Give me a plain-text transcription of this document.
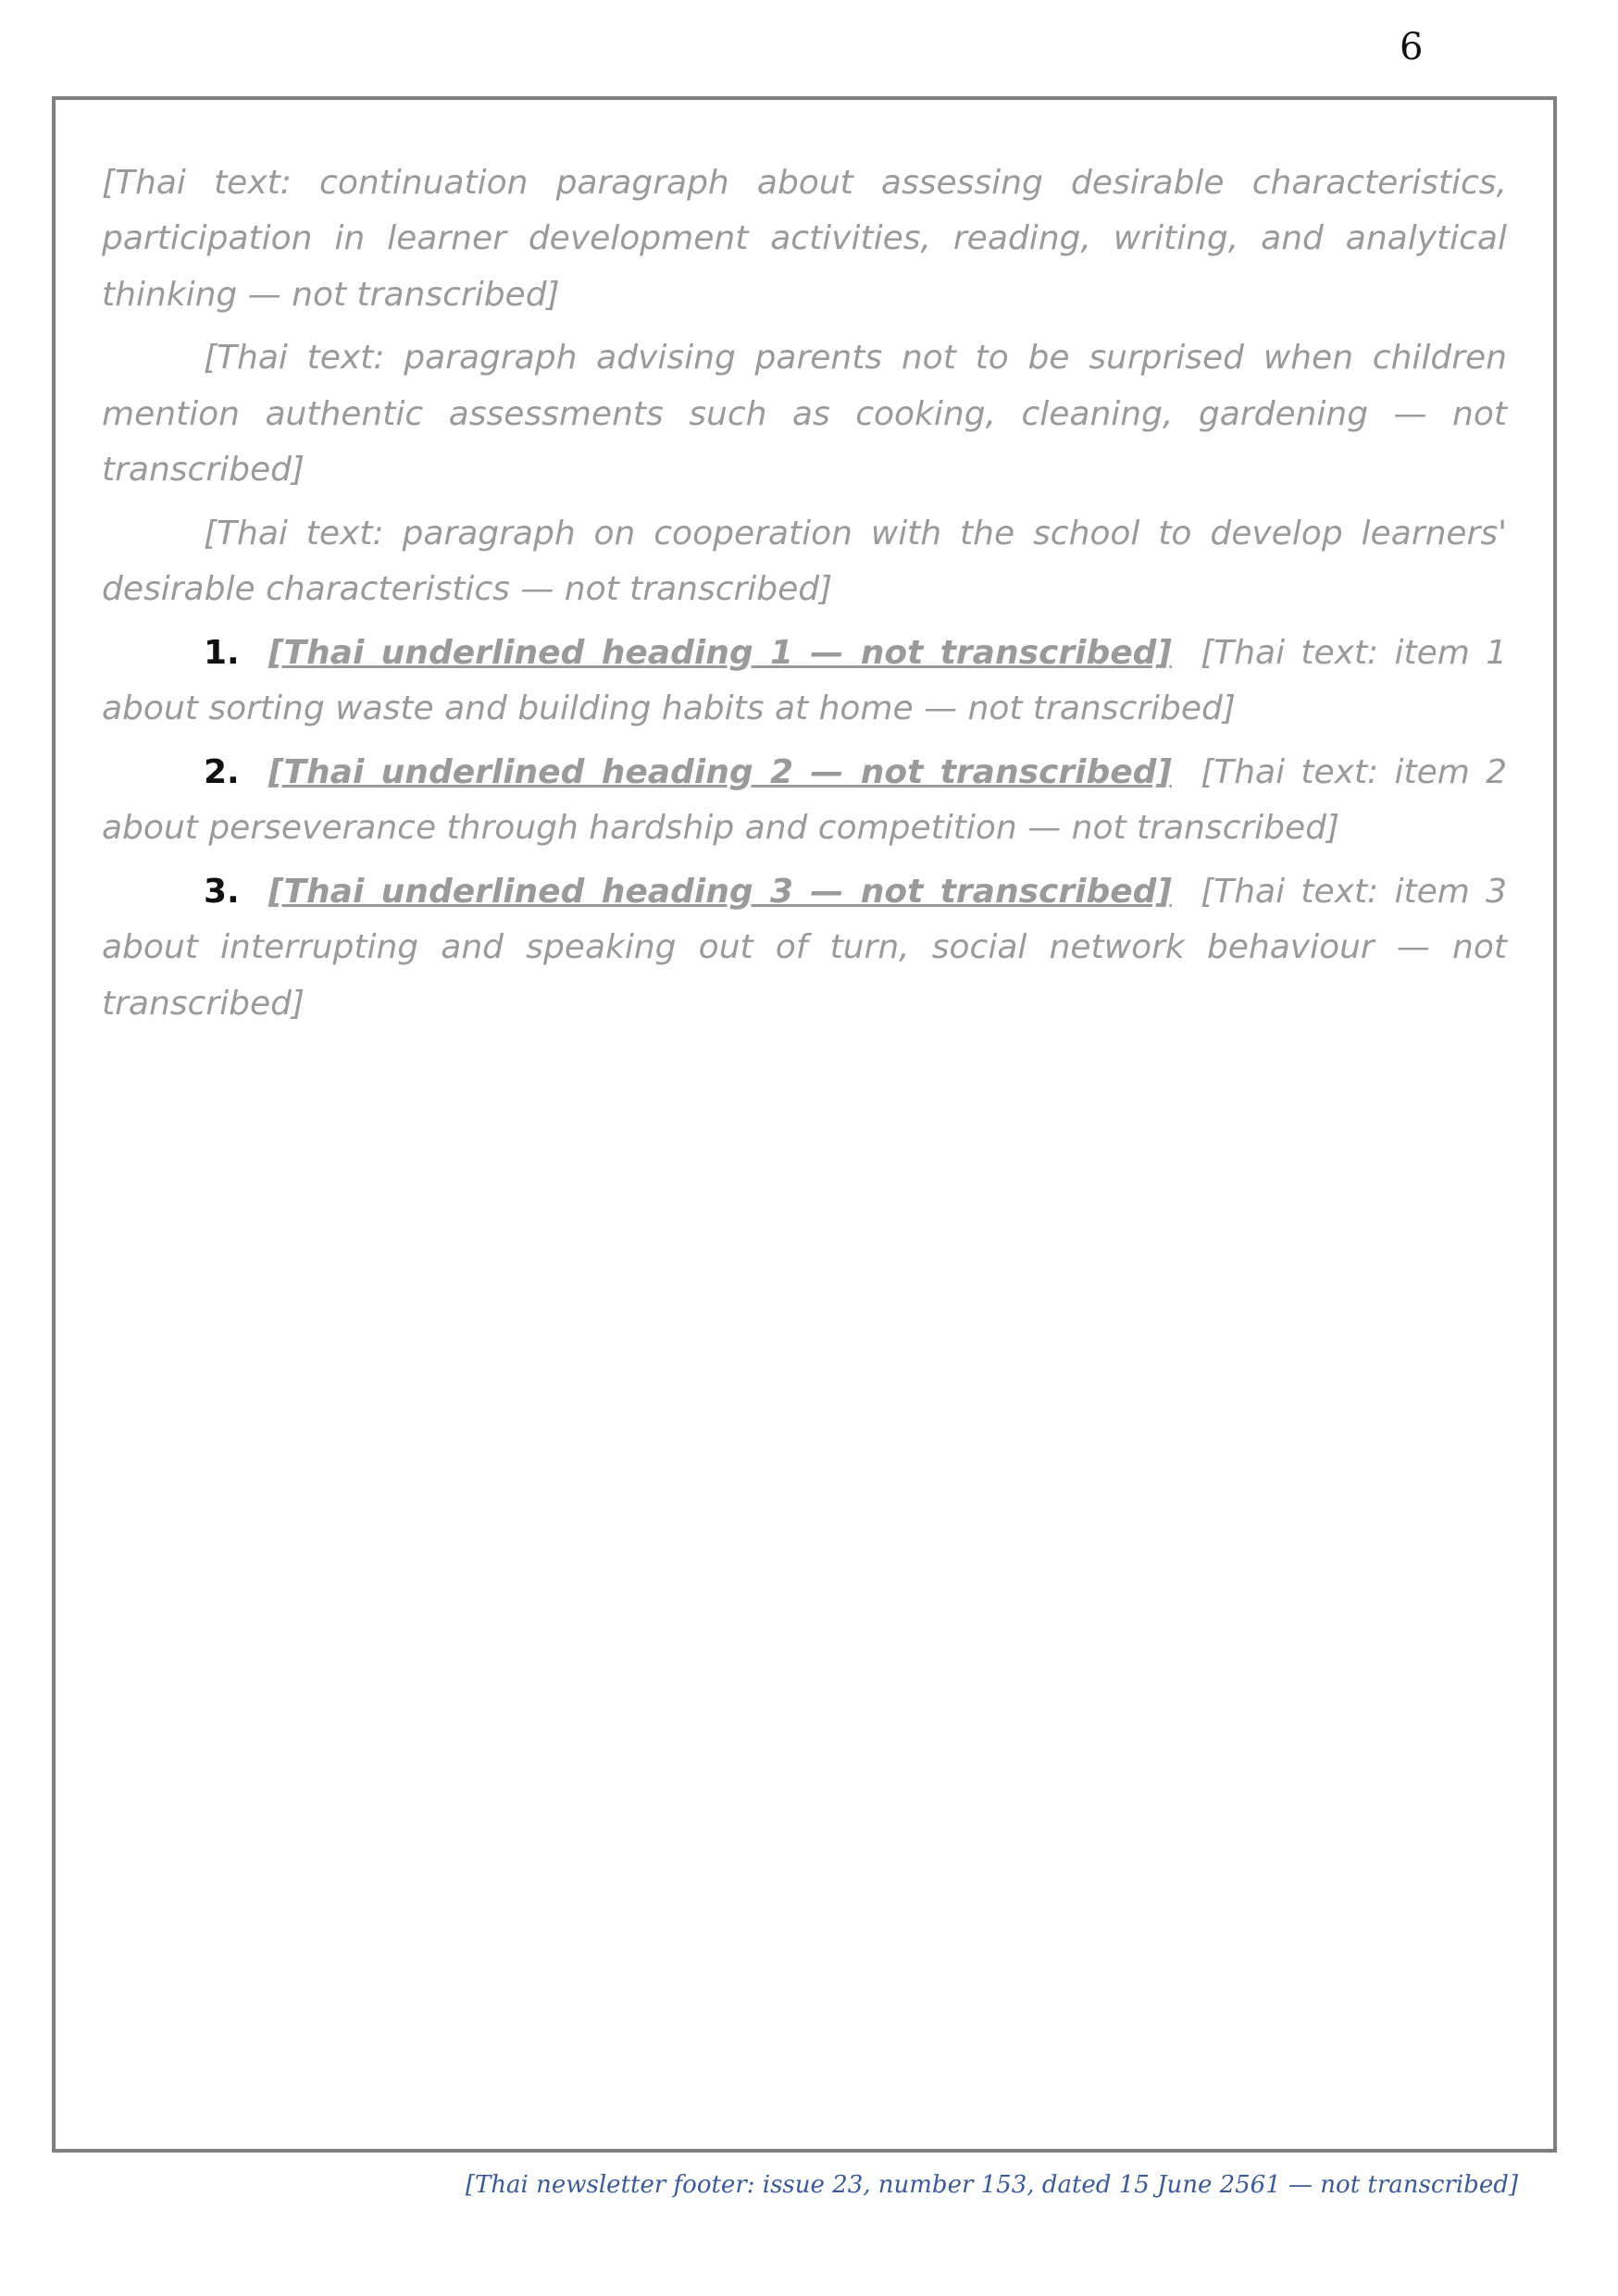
6

[Thai text: continuation paragraph about assessing desirable characteristics, participation in learner development activities, reading, writing, and analytical thinking — not transcribed]

[Thai text: paragraph advising parents not to be surprised when children mention authentic assessments such as cooking, cleaning, gardening — not transcribed]

[Thai text: paragraph on cooperation with the school to develop learners' desirable characteristics — not transcribed]

1. [Thai underlined heading 1 — not transcribed] [Thai text: item 1 about sorting waste and building habits at home — not transcribed]

2. [Thai underlined heading 2 — not transcribed] [Thai text: item 2 about perseverance through hardship and competition — not transcribed]

3. [Thai underlined heading 3 — not transcribed] [Thai text: item 3 about interrupting and speaking out of turn, social network behaviour — not transcribed]

[Thai newsletter footer: issue 23, number 153, dated 15 June 2561 — not transcribed]
